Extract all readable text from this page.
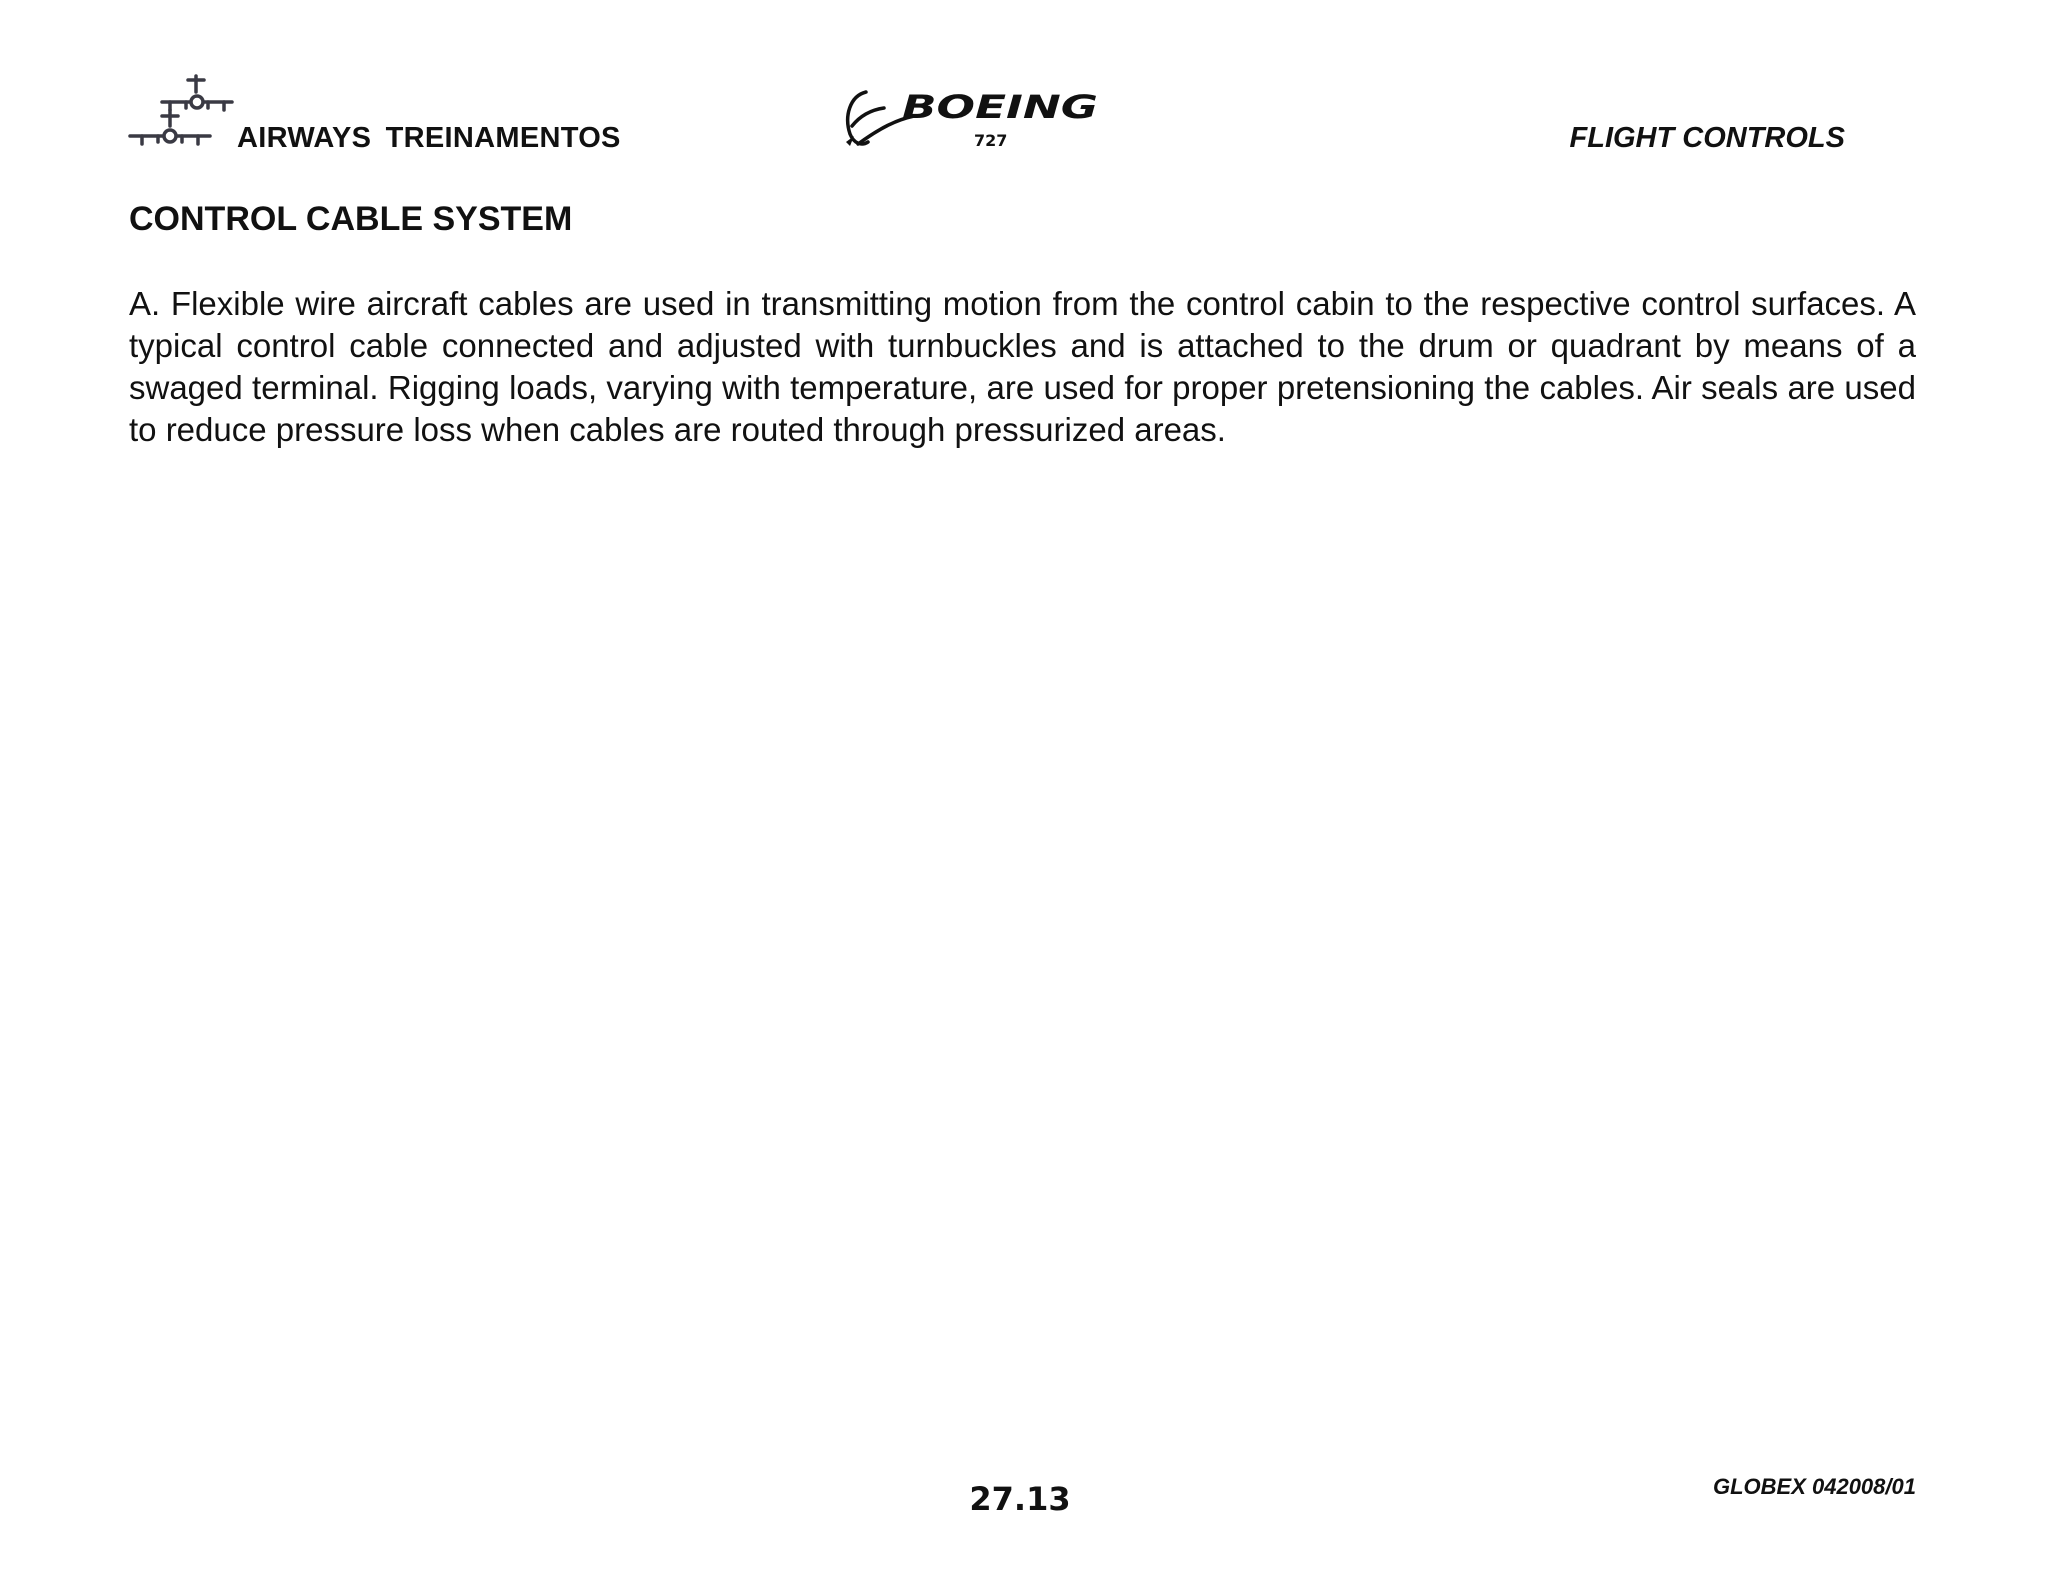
AIRWAYS TREINAMENTOS
BOEING
727	FLIGHT CONTROLS
CONTROL CABLE SYSTEM

A. Flexible wire aircraft cables are used in transmitting motion from the control cabin to the respective control surfaces. A typical control cable connected and adjusted with turnbuckles and is attached to the drum or quadrant by means of a swaged terminal. Rigging loads, varying with temperature, are used for proper pretensioning the cables. Air seals are used to reduce pressure loss when cables are routed through pressurized areas.

27.13	GLOBEX 042008/01
